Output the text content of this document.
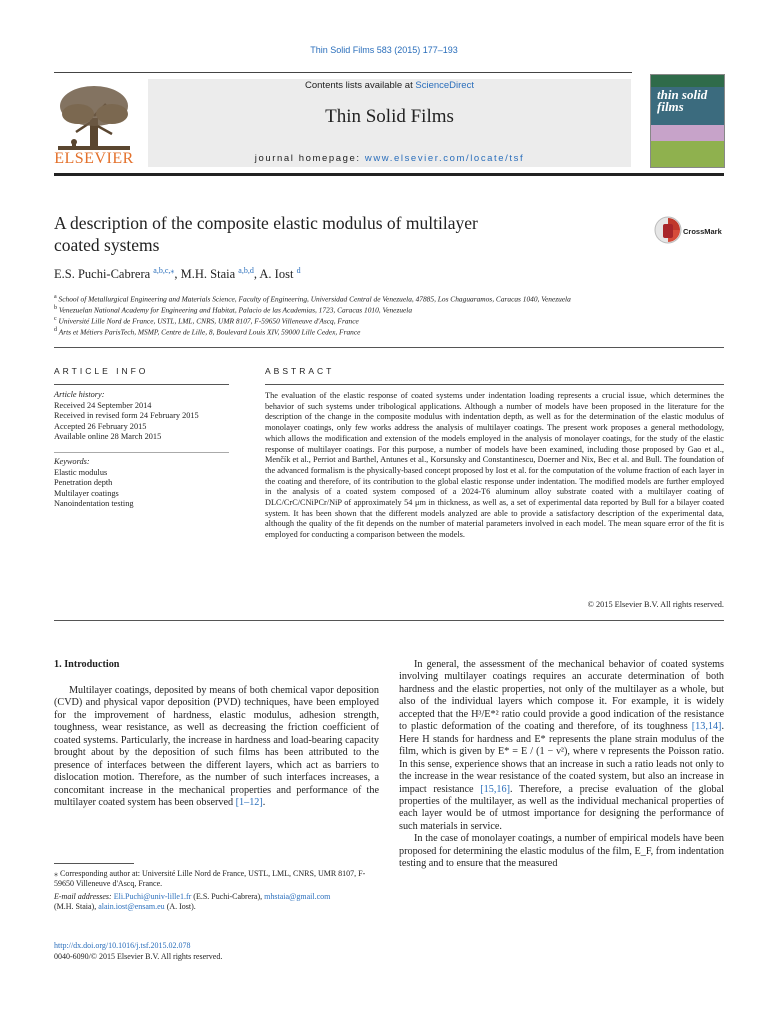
Thin Solid Films 583 (2015) 177–193
ELSEVIER
Contents lists available at ScienceDirect
Thin Solid Films
journal homepage: www.elsevier.com/locate/tsf
thin solid films
A description of the composite elastic modulus of multilayer
coated systems
CrossMark
E.S. Puchi-Cabrera $^{a,b,c,⁎}$, M.H. Staia $^{a,b,d}$, A. Iost $^d$
$^a$ School of Metallurgical Engineering and Materials Science, Faculty of Engineering, Universidad Central de Venezuela, 47885, Los Chaguaramos, Caracas 1040, Venezuela
$^b$ Venezuelan National Academy for Engineering and Habitat, Palacio de las Academias, 1723, Caracas 1010, Venezuela
$^c$ Université Lille Nord de France, USTL, LML, CNRS, UMR 8107, F-59650 Villeneuve d'Ascq, France
$^d$ Arts et Métiers ParisTech, MSMP, Centre de Lille, 8, Boulevard Louis XIV, 59000 Lille Cedex, France
ARTICLE INFO
Article history:
Received 24 September 2014
Received in revised form 24 February 2015
Accepted 26 February 2015
Available online 28 March 2015
Keywords:
Elastic modulus
Penetration depth
Multilayer coatings
Nanoindentation testing
ABSTRACT
The evaluation of the elastic response of coated systems under indentation loading represents a crucial issue, which determines the behavior of such systems under tribological applications. Although a number of models have been proposed in the literature for the description of the change in the composite modulus with indentation depth, as well as for the determination of the elastic modulus of monolayer coatings, only few works address the analysis of multilayer coatings. The present work proposes a general methodology, which allows the modification and extension of the models employed in the analysis of monolayer coatings, for the study of the elastic response of multilayer coatings. For this purpose, a number of models have been examined, including those proposed by Gao et al., Menčík et al., Perriot and Barthel, Antunes et al., Korsunsky and Constantinescu, Doerner and Nix, Bec et al. and Bull. The foundation of the advanced formalism is the physically-based concept proposed by Iost et al. for the computation of the volume fraction of each layer in the coating and therefore, of its contribution to the global elastic response under indentation. The modified models are further employed in the analysis of a coated system composed of a 2024-T6 aluminum alloy substrate coated with a multilayer coating of DLC/CrC/CNiPCr/NiP of approximately 54 μm in thickness, as well as, a set of experimental data reported by Bull for a bilayer coated system. It has been shown that the different models analyzed are able to provide a satisfactory description of the experimental data, although the quality of the fit depends on the number of material parameters involved in each model. The mean square error of the fit is employed for conducting a comparison between the models.
© 2015 Elsevier B.V. All rights reserved.
1. Introduction

Multilayer coatings, deposited by means of both chemical vapor deposition (CVD) and physical vapor deposition (PVD) techniques, have been employed for the improvement of hardness, elastic modulus, adhesion strength, toughness, wear resistance, as well as decreasing the friction coefficient of coated systems. Particularly, the increase in hardness and load-bearing capacity brought about by the deposition of such films has been attributed to the presence of interfaces between the different layers, which act as barriers to dislocation motion. Therefore, as the number of such interfaces increases, a concomitant increase in the mechanical properties and performance of the multilayer coated system has been observed [1–12].

⁎ Corresponding author at: Université Lille Nord de France, USTL, LML, CNRS, UMR 8107, F-59650 Villeneuve d'Ascq, France.
E-mail addresses: Eli.Puchi@univ-lille1.fr (E.S. Puchi-Cabrera), mhstaia@gmail.com
(M.H. Staia), alain.iost@ensam.eu (A. Iost).
http://dx.doi.org/10.1016/j.tsf.2015.02.078
0040-6090/© 2015 Elsevier B.V. All rights reserved.

In general, the assessment of the mechanical behavior of coated systems involving multilayer coatings requires an accurate determination of both hardness and the elastic properties, not only of the multilayer as a whole, but also of the individual layers which compose it. For example, it is widely accepted that the H³/E*² ratio could provide a good indication of the resistance to plastic deformation of the coating and therefore, of its toughness [13,14]. Here H stands for hardness and E* represents the plane strain modulus of the film, which is given by E* = E / (1 − ν²), where ν represents the Poisson ratio. In this sense, experience shows that an increase in such a ratio leads not only to the increase in the wear resistance of the coated system, but also an increase in impact resistance [15,16]. Therefore, a precise evaluation of the global properties of the multilayer, as well as the individual mechanical properties of each layer would be of utmost importance for designing the performance of such materials in service.

In the case of monolayer coatings, a number of empirical models have been proposed for determining the elastic modulus of the film, E_F, from indentation testing and to ensure that the measured
